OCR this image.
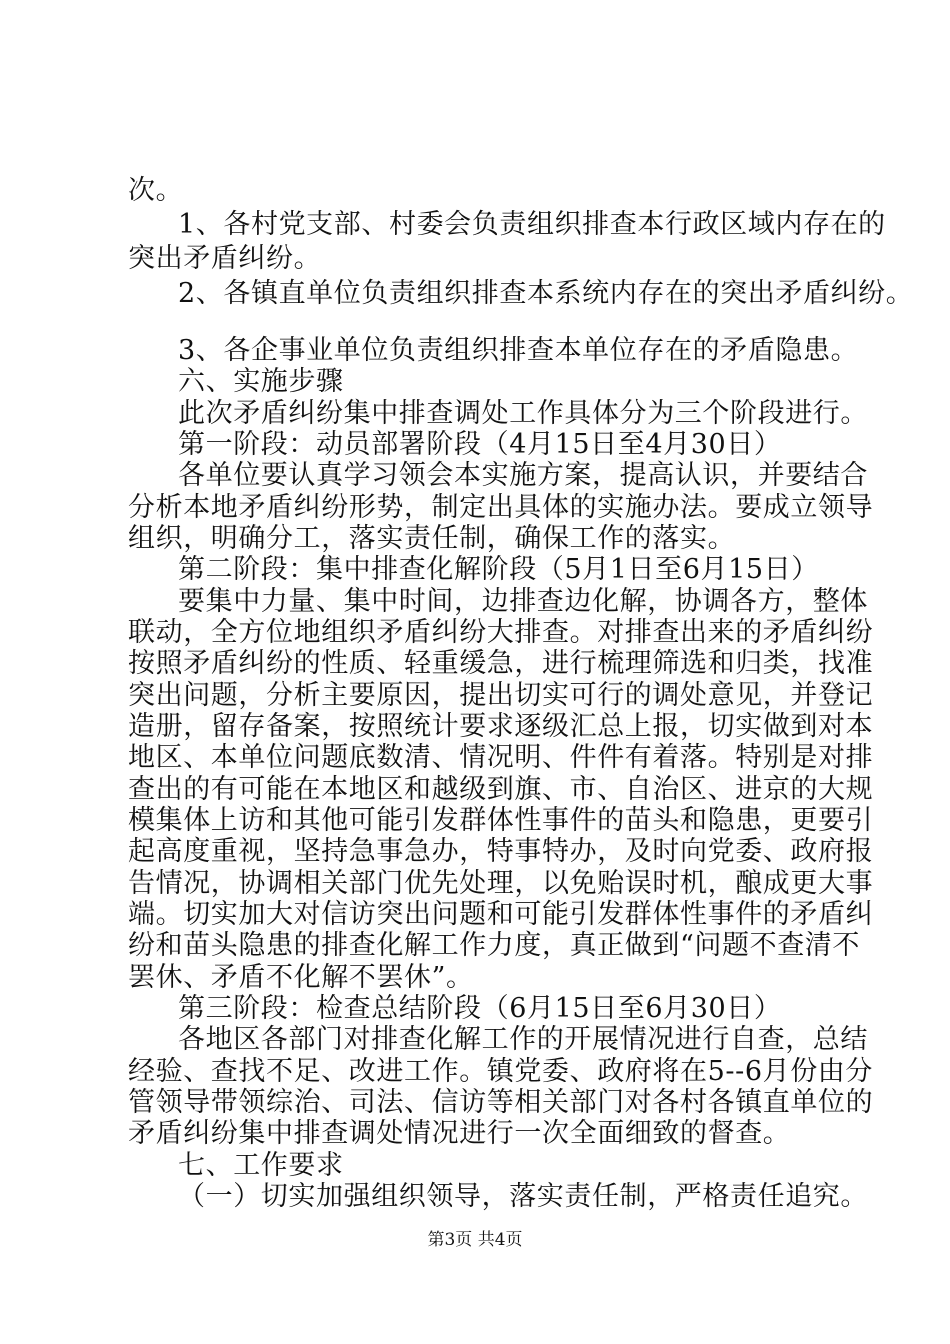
次。
1、各村党支部、村委会负责组织排查本行政区域内存在的
突出矛盾纠纷。
2、各镇直单位负责组织排查本系统内存在的突出矛盾纠纷。
3、各企事业单位负责组织排查本单位存在的矛盾隐患。
六、实施步骤
此次矛盾纠纷集中排查调处工作具体分为三个阶段进行。
第一阶段：动员部署阶段（4月15日至4月30日）
各单位要认真学习领会本实施方案，提高认识，并要结合
分析本地矛盾纠纷形势，制定出具体的实施办法。要成立领导
组织，明确分工，落实责任制，确保工作的落实。
第二阶段：集中排查化解阶段（5月1日至6月15日）
要集中力量、集中时间，边排查边化解，协调各方，整体
联动，全方位地组织矛盾纠纷大排查。对排查出来的矛盾纠纷
按照矛盾纠纷的性质、轻重缓急，进行梳理筛选和归类，找准
突出问题，分析主要原因，提出切实可行的调处意见，并登记
造册，留存备案，按照统计要求逐级汇总上报，切实做到对本
地区、本单位问题底数清、情况明、件件有着落。特别是对排
查出的有可能在本地区和越级到旗、市、自治区、进京的大规
模集体上访和其他可能引发群体性事件的苗头和隐患，更要引
起高度重视，坚持急事急办，特事特办，及时向党委、政府报
告情况，协调相关部门优先处理，以免贻误时机，酿成更大事
端。切实加大对信访突出问题和可能引发群体性事件的矛盾纠
纷和苗头隐患的排查化解工作力度，真正做到“问题不查清不
罢休、矛盾不化解不罢休”。
第三阶段：检查总结阶段（6月15日至6月30日）
各地区各部门对排查化解工作的开展情况进行自查，总结
经验、查找不足、改进工作。镇党委、政府将在5--6月份由分
管领导带领综治、司法、信访等相关部门对各村各镇直单位的
矛盾纠纷集中排查调处情况进行一次全面细致的督查。
七、工作要求
（一）切实加强组织领导，落实责任制，严格责任追究。
第3页 共4页
